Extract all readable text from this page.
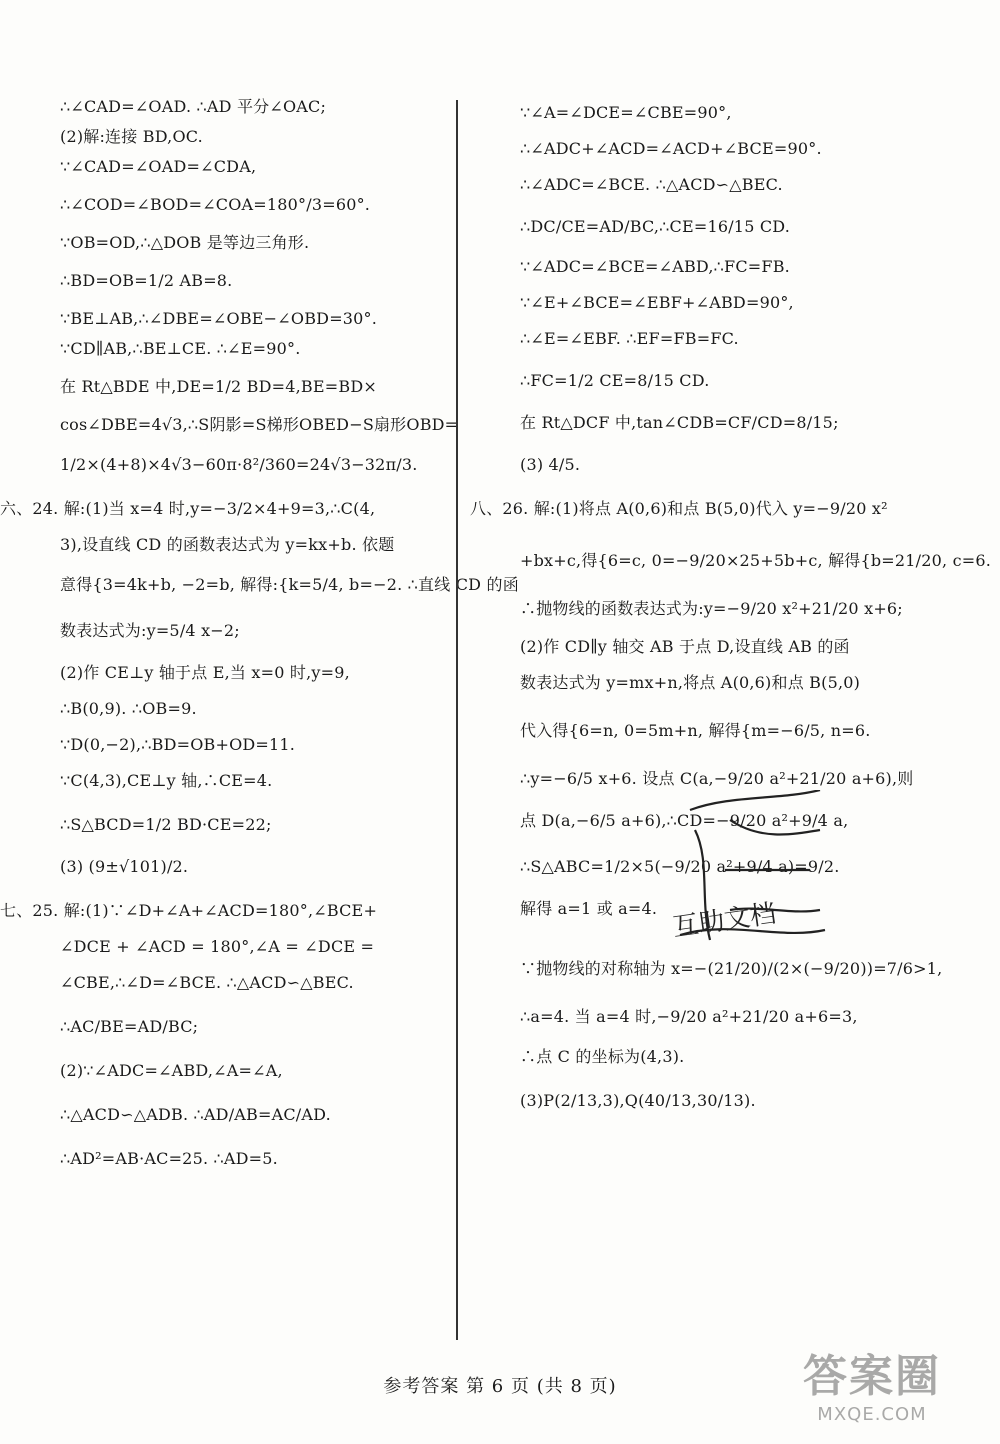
∴∠CAD=∠OAD. ∴AD 平分∠OAC;
(2)解:连接 BD,OC.
∵∠CAD=∠OAD=∠CDA,
∴∠COD=∠BOD=∠COA=180°/3=60°.
∵OB=OD,∴△DOB 是等边三角形.
∴BD=OB=1/2 AB=8.
∵BE⊥AB,∴∠DBE=∠OBE−∠OBD=30°.
∵CD∥AB,∴BE⊥CE. ∴∠E=90°.
在 Rt△BDE 中,DE=1/2 BD=4,BE=BD×
cos∠DBE=4√3,∴S阴影=S梯形OBED−S扇形OBD=
1/2×(4+8)×4√3−60π·8²/360=24√3−32π/3.
六、24. 解:(1)当 x=4 时,y=−3/2×4+9=3,∴C(4,
3),设直线 CD 的函数表达式为 y=kx+b. 依题
意得{3=4k+b, −2=b, 解得:{k=5/4, b=−2. ∴直线 CD 的函
数表达式为:y=5/4 x−2;
(2)作 CE⊥y 轴于点 E,当 x=0 时,y=9,
∴B(0,9). ∴OB=9.
∵D(0,−2),∴BD=OB+OD=11.
∵C(4,3),CE⊥y 轴,∴CE=4.
∴S△BCD=1/2 BD·CE=22;
(3) (9±√101)/2.
七、25. 解:(1)∵∠D+∠A+∠ACD=180°,∠BCE+
∠DCE + ∠ACD = 180°,∠A = ∠DCE =
∠CBE,∴∠D=∠BCE. ∴△ACD∽△BEC.
∴AC/BE=AD/BC;
(2)∵∠ADC=∠ABD,∠A=∠A,
∴△ACD∽△ADB. ∴AD/AB=AC/AD.
∴AD²=AB·AC=25. ∴AD=5.
∵∠A=∠DCE=∠CBE=90°,
∴∠ADC+∠ACD=∠ACD+∠BCE=90°.
∴∠ADC=∠BCE. ∴△ACD∽△BEC.
∴DC/CE=AD/BC,∴CE=16/15 CD.
∵∠ADC=∠BCE=∠ABD,∴FC=FB.
∵∠E+∠BCE=∠EBF+∠ABD=90°,
∴∠E=∠EBF. ∴EF=FB=FC.
∴FC=1/2 CE=8/15 CD.
在 Rt△DCF 中,tan∠CDB=CF/CD=8/15;
(3) 4/5.
八、26. 解:(1)将点 A(0,6)和点 B(5,0)代入 y=−9/20 x²
+bx+c,得{6=c, 0=−9/20×25+5b+c, 解得{b=21/20, c=6.
∴抛物线的函数表达式为:y=−9/20 x²+21/20 x+6;
(2)作 CD∥y 轴交 AB 于点 D,设直线 AB 的函
数表达式为 y=mx+n,将点 A(0,6)和点 B(5,0)
代入得{6=n, 0=5m+n, 解得{m=−6/5, n=6.
∴y=−6/5 x+6. 设点 C(a,−9/20 a²+21/20 a+6),则
点 D(a,−6/5 a+6),∴CD=−9/20 a²+9/4 a,
∴S△ABC=1/2×5(−9/20 a²+9/4 a)=9/2.
解得 a=1 或 a=4.
∵抛物线的对称轴为 x=−(21/20)/(2×(−9/20))=7/6>1,
∴a=4. 当 a=4 时,−9/20 a²+21/20 a+6=3,
∴点 C 的坐标为(4,3).
(3)P(2/13,3),Q(40/13,30/13).
互助文档
参考答案 第 6 页 (共 8 页)	答案圈
MXQE.COM
